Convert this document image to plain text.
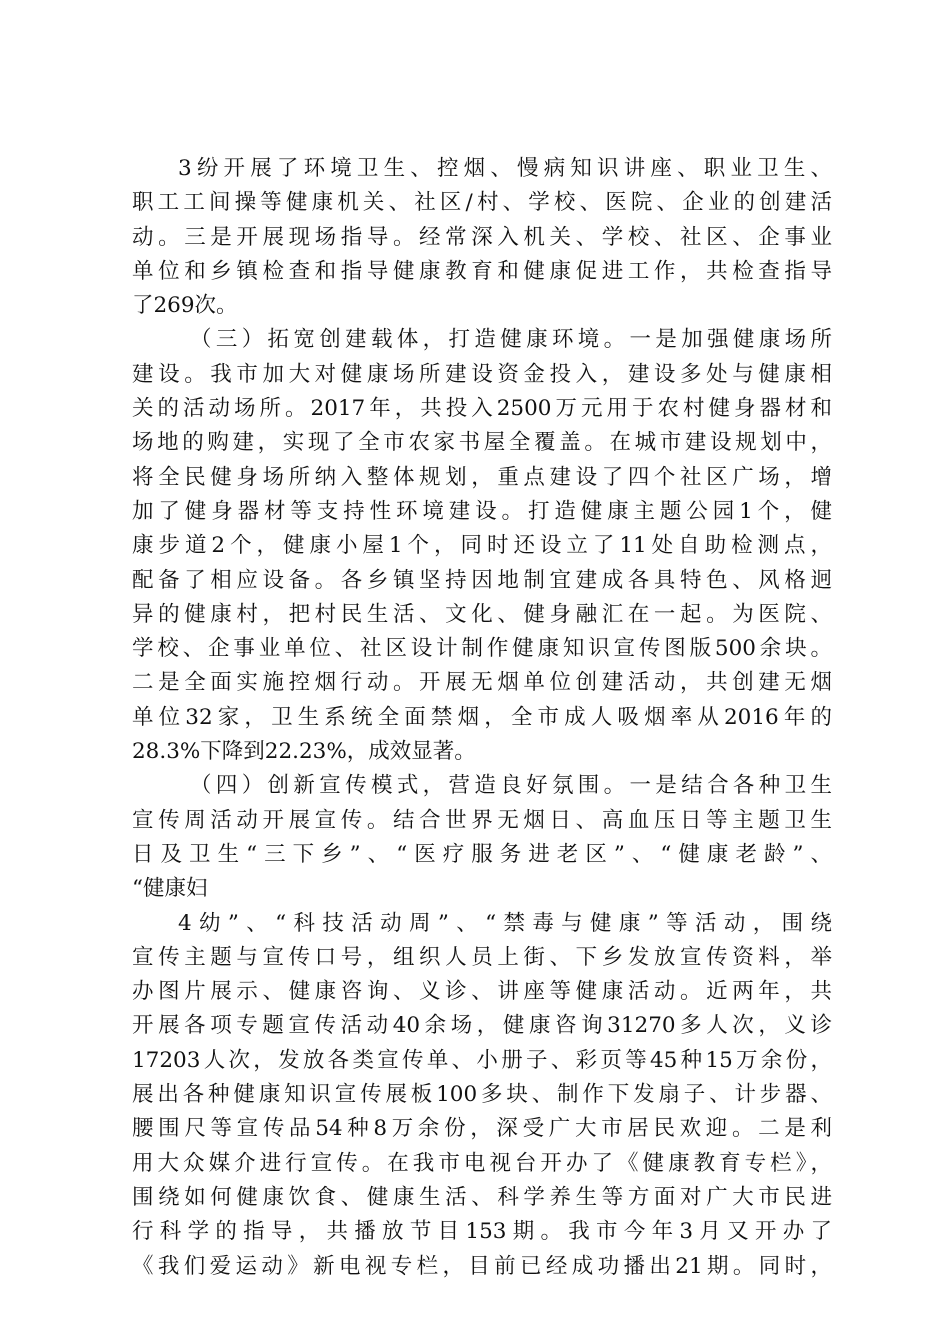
3纷开展了环境卫生、控烟、慢病知识讲座、职业卫生、
职工工间操等健康机关、社区/村、学校、医院、企业的创建活
动。三是开展现场指导。经常深入机关、学校、社区、企事业
单位和乡镇检查和指导健康教育和健康促进工作，共检查指导
了269次。
（三）拓宽创建载体，打造健康环境。一是加强健康场所
建设。我市加大对健康场所建设资金投入，建设多处与健康相
关的活动场所。2017年，共投入2500万元用于农村健身器材和
场地的购建，实现了全市农家书屋全覆盖。在城市建设规划中，
将全民健身场所纳入整体规划，重点建设了四个社区广场，增
加了健身器材等支持性环境建设。打造健康主题公园1个，健
康步道2个，健康小屋1个，同时还设立了11处自助检测点，
配备了相应设备。各乡镇坚持因地制宜建成各具特色、风格迥
异的健康村，把村民生活、文化、健身融汇在一起。为医院、
学校、企事业单位、社区设计制作健康知识宣传图版500余块。
二是全面实施控烟行动。开展无烟单位创建活动，共创建无烟
单位32家，卫生系统全面禁烟，全市成人吸烟率从2016年的
28.3%下降到22.23%，成效显著。
（四）创新宣传模式，营造良好氛围。一是结合各种卫生
宣传周活动开展宣传。结合世界无烟日、高血压日等主题卫生
日及卫生“三下乡”、“医疗服务进老区”、“健康老龄”、
“健康妇
4幼”、“科技活动周”、“禁毒与健康”等活动，围绕
宣传主题与宣传口号，组织人员上街、下乡发放宣传资料，举
办图片展示、健康咨询、义诊、讲座等健康活动。近两年，共
开展各项专题宣传活动40余场，健康咨询31270多人次，义诊
17203人次，发放各类宣传单、小册子、彩页等45种15万余份，
展出各种健康知识宣传展板100多块、制作下发扇子、计步器、
腰围尺等宣传品54种8万余份，深受广大市居民欢迎。二是利
用大众媒介进行宣传。在我市电视台开办了《健康教育专栏》，
围绕如何健康饮食、健康生活、科学养生等方面对广大市民进
行科学的指导，共播放节目153期。我市今年3月又开办了
《我们爱运动》新电视专栏，目前已经成功播出21期。同时，
